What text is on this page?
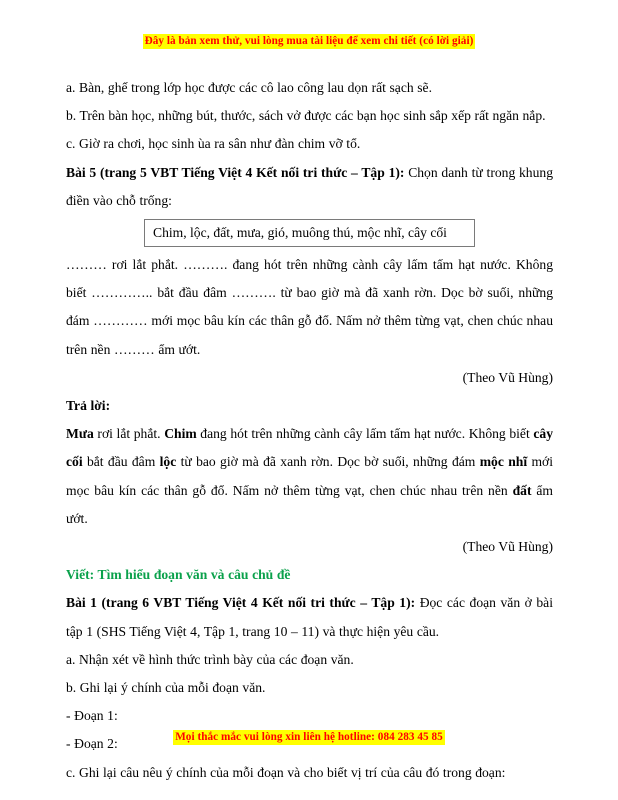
Đây là bản xem thử, vui lòng mua tài liệu để xem chi tiết (có lời giải)

a. Bàn, ghế trong lớp học được các cô lao công lau dọn rất sạch sẽ.

b. Trên bàn học, những bút, thước, sách vở được các bạn học sinh sắp xếp rất ngăn nắp.

c. Giờ ra chơi, học sinh ùa ra sân như đàn chim vỡ tổ.

Bài 5 (trang 5 VBT Tiếng Việt 4 Kết nối tri thức – Tập 1): Chọn danh từ trong khung điền vào chỗ trống:

Chim, lộc, đất, mưa, gió, muông thú, mộc nhĩ, cây cối

……… rơi lắt phắt. ………. đang hót trên những cành cây lấm tấm hạt nước. Không biết ………….. bắt đầu đâm ………. từ bao giờ mà đã xanh rờn. Dọc bờ suối, những đám ………… mới mọc bâu kín các thân gỗ đổ. Nấm nở thêm từng vạt, chen chúc nhau trên nền ……… ẩm ướt.

(Theo Vũ Hùng)

Trả lời:

Mưa rơi lắt phắt. Chim đang hót trên những cành cây lấm tấm hạt nước. Không biết cây cối bắt đầu đâm lộc từ bao giờ mà đã xanh rờn. Dọc bờ suối, những đám mộc nhĩ mới mọc bâu kín các thân gỗ đổ. Nấm nở thêm từng vạt, chen chúc nhau trên nền đất ẩm ướt.

(Theo Vũ Hùng)

Viết: Tìm hiểu đoạn văn và câu chủ đề

Bài 1 (trang 6 VBT Tiếng Việt 4 Kết nối tri thức – Tập 1): Đọc các đoạn văn ở bài tập 1 (SHS Tiếng Việt 4, Tập 1, trang 10 – 11) và thực hiện yêu cầu.

a. Nhận xét về hình thức trình bày của các đoạn văn.

b. Ghi lại ý chính của mỗi đoạn văn.

- Đoạn 1:

- Đoạn 2:

c. Ghi lại câu nêu ý chính của mỗi đoạn và cho biết vị trí của câu đó trong đoạn:

Mọi thắc mắc vui lòng xin liên hệ hotline: 084 283 45 85
